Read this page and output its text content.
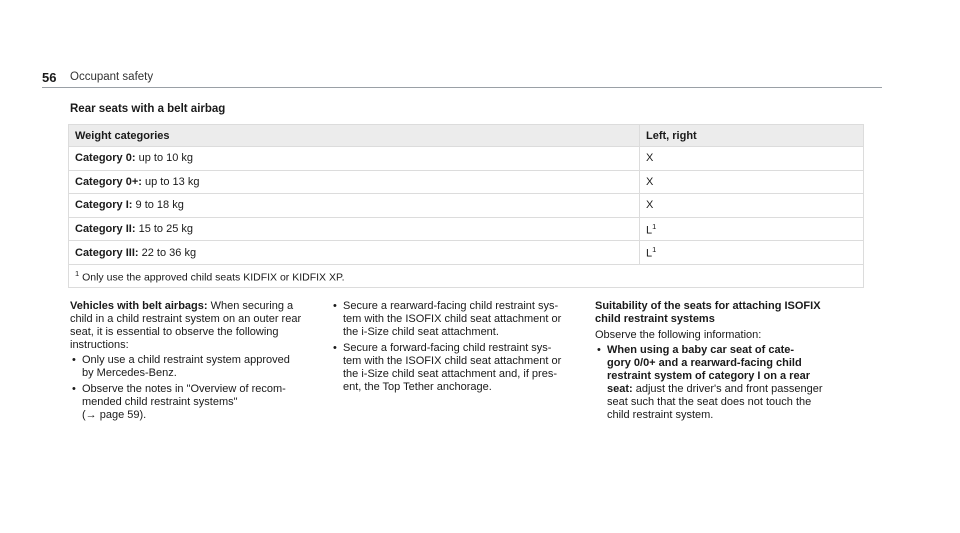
56 Occupant safety
Rear seats with a belt airbag
Weight categories	Left, right
Category 0: up to 10 kg	X
Category 0+: up to 13 kg	X
Category I: 9 to 18 kg	X
Category II: 15 to 25 kg	$L^1$
Category III: 22 to 36 kg	$L^1$
$^1$ Only use the approved child seats KIDFIX or KIDFIX XP.	

Vehicles with belt airbags: When securing a
child in a child restraint system on an outer rear
seat, it is essential to observe the following
instructions:

• Only use a child restraint system approved
by Mercedes-Benz.
• Observe the notes in "Overview of recom-
mended child restraint systems"
(→ page 59).
• Secure a rearward-facing child restraint sys-
tem with the ISOFIX child seat attachment or
the i-Size child seat attachment.
• Secure a forward-facing child restraint sys-
tem with the ISOFIX child seat attachment or
the i-Size child seat attachment and, if pres-
ent, the Top Tether anchorage.

Suitability of the seats for attaching ISOFIX
child restraint systems

Observe the following information:

• When using a baby car seat of cate-
gory 0/0+ and a rearward-facing child
restraint system of category I on a rear
seat: adjust the driver's and front passenger
seat such that the seat does not touch the
child restraint system.
